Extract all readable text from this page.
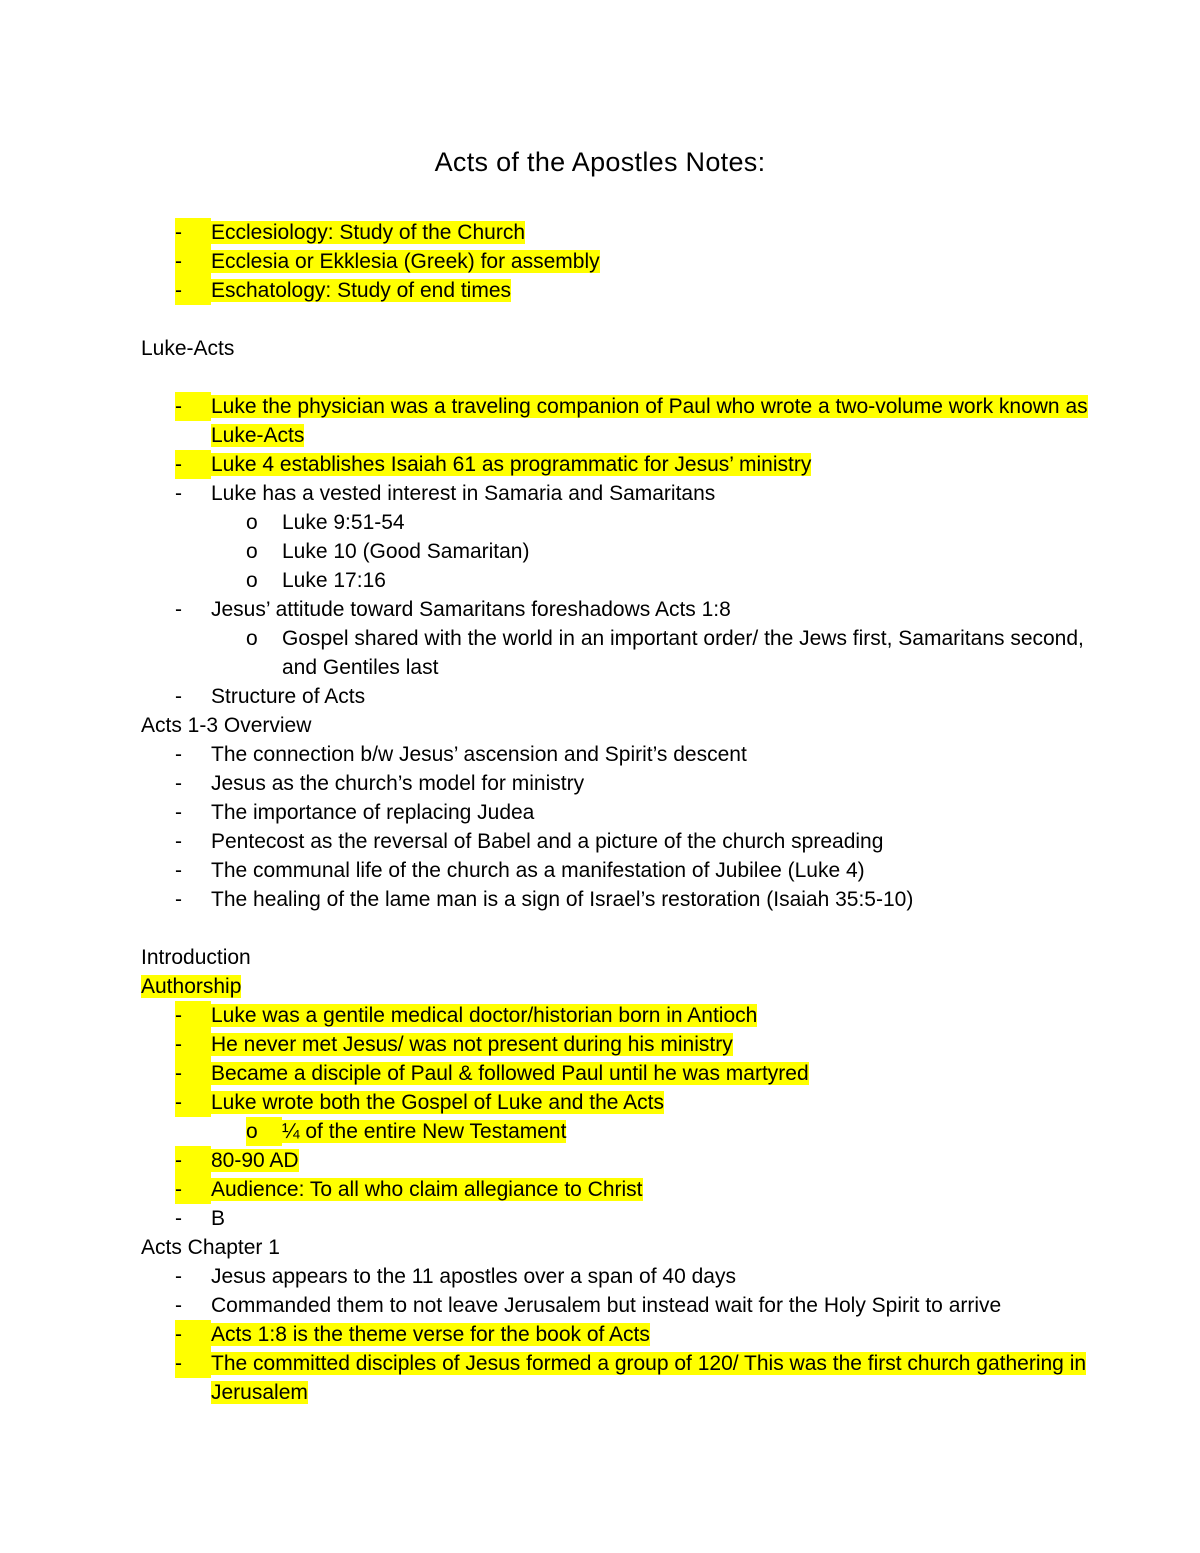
Acts of the Apostles Notes:
-	Ecclesiology: Study of the Church
-	Ecclesia or Ekklesia (Greek) for assembly
-	Eschatology: Study of end times
Luke-Acts
-	Luke the physician was a traveling companion of Paul who wrote a two-volume work known as Luke-Acts
-	Luke 4 establishes Isaiah 61 as programmatic for Jesus’ ministry
-	Luke has a vested interest in Samaria and Samaritans
o	Luke 9:51-54
o	Luke 10 (Good Samaritan)
o	Luke 17:16
-	Jesus’ attitude toward Samaritans foreshadows Acts 1:8
o	Gospel shared with the world in an important order/ the Jews first, Samaritans second, and Gentiles last
-	Structure of Acts
Acts 1-3 Overview
-	The connection b/w Jesus’ ascension and Spirit’s descent
-	Jesus as the church’s model for ministry
-	The importance of replacing Judea
-	Pentecost as the reversal of Babel and a picture of the church spreading
-	The communal life of the church as a manifestation of Jubilee (Luke 4)
-	The healing of the lame man is a sign of Israel’s restoration (Isaiah 35:5-10)
Introduction
Authorship
-	Luke was a gentile medical doctor/historian born in Antioch
-	He never met Jesus/ was not present during his ministry
-	Became a disciple of Paul & followed Paul until he was martyred
-	Luke wrote both the Gospel of Luke and the Acts
o	¼ of the entire New Testament
-	80-90 AD
-	Audience: To all who claim allegiance to Christ
-	B
Acts Chapter 1
-	Jesus appears to the 11 apostles over a span of 40 days
-	Commanded them to not leave Jerusalem but instead wait for the Holy Spirit to arrive
-	Acts 1:8 is the theme verse for the book of Acts
-	The committed disciples of Jesus formed a group of 120/ This was the first church gathering in Jerusalem
